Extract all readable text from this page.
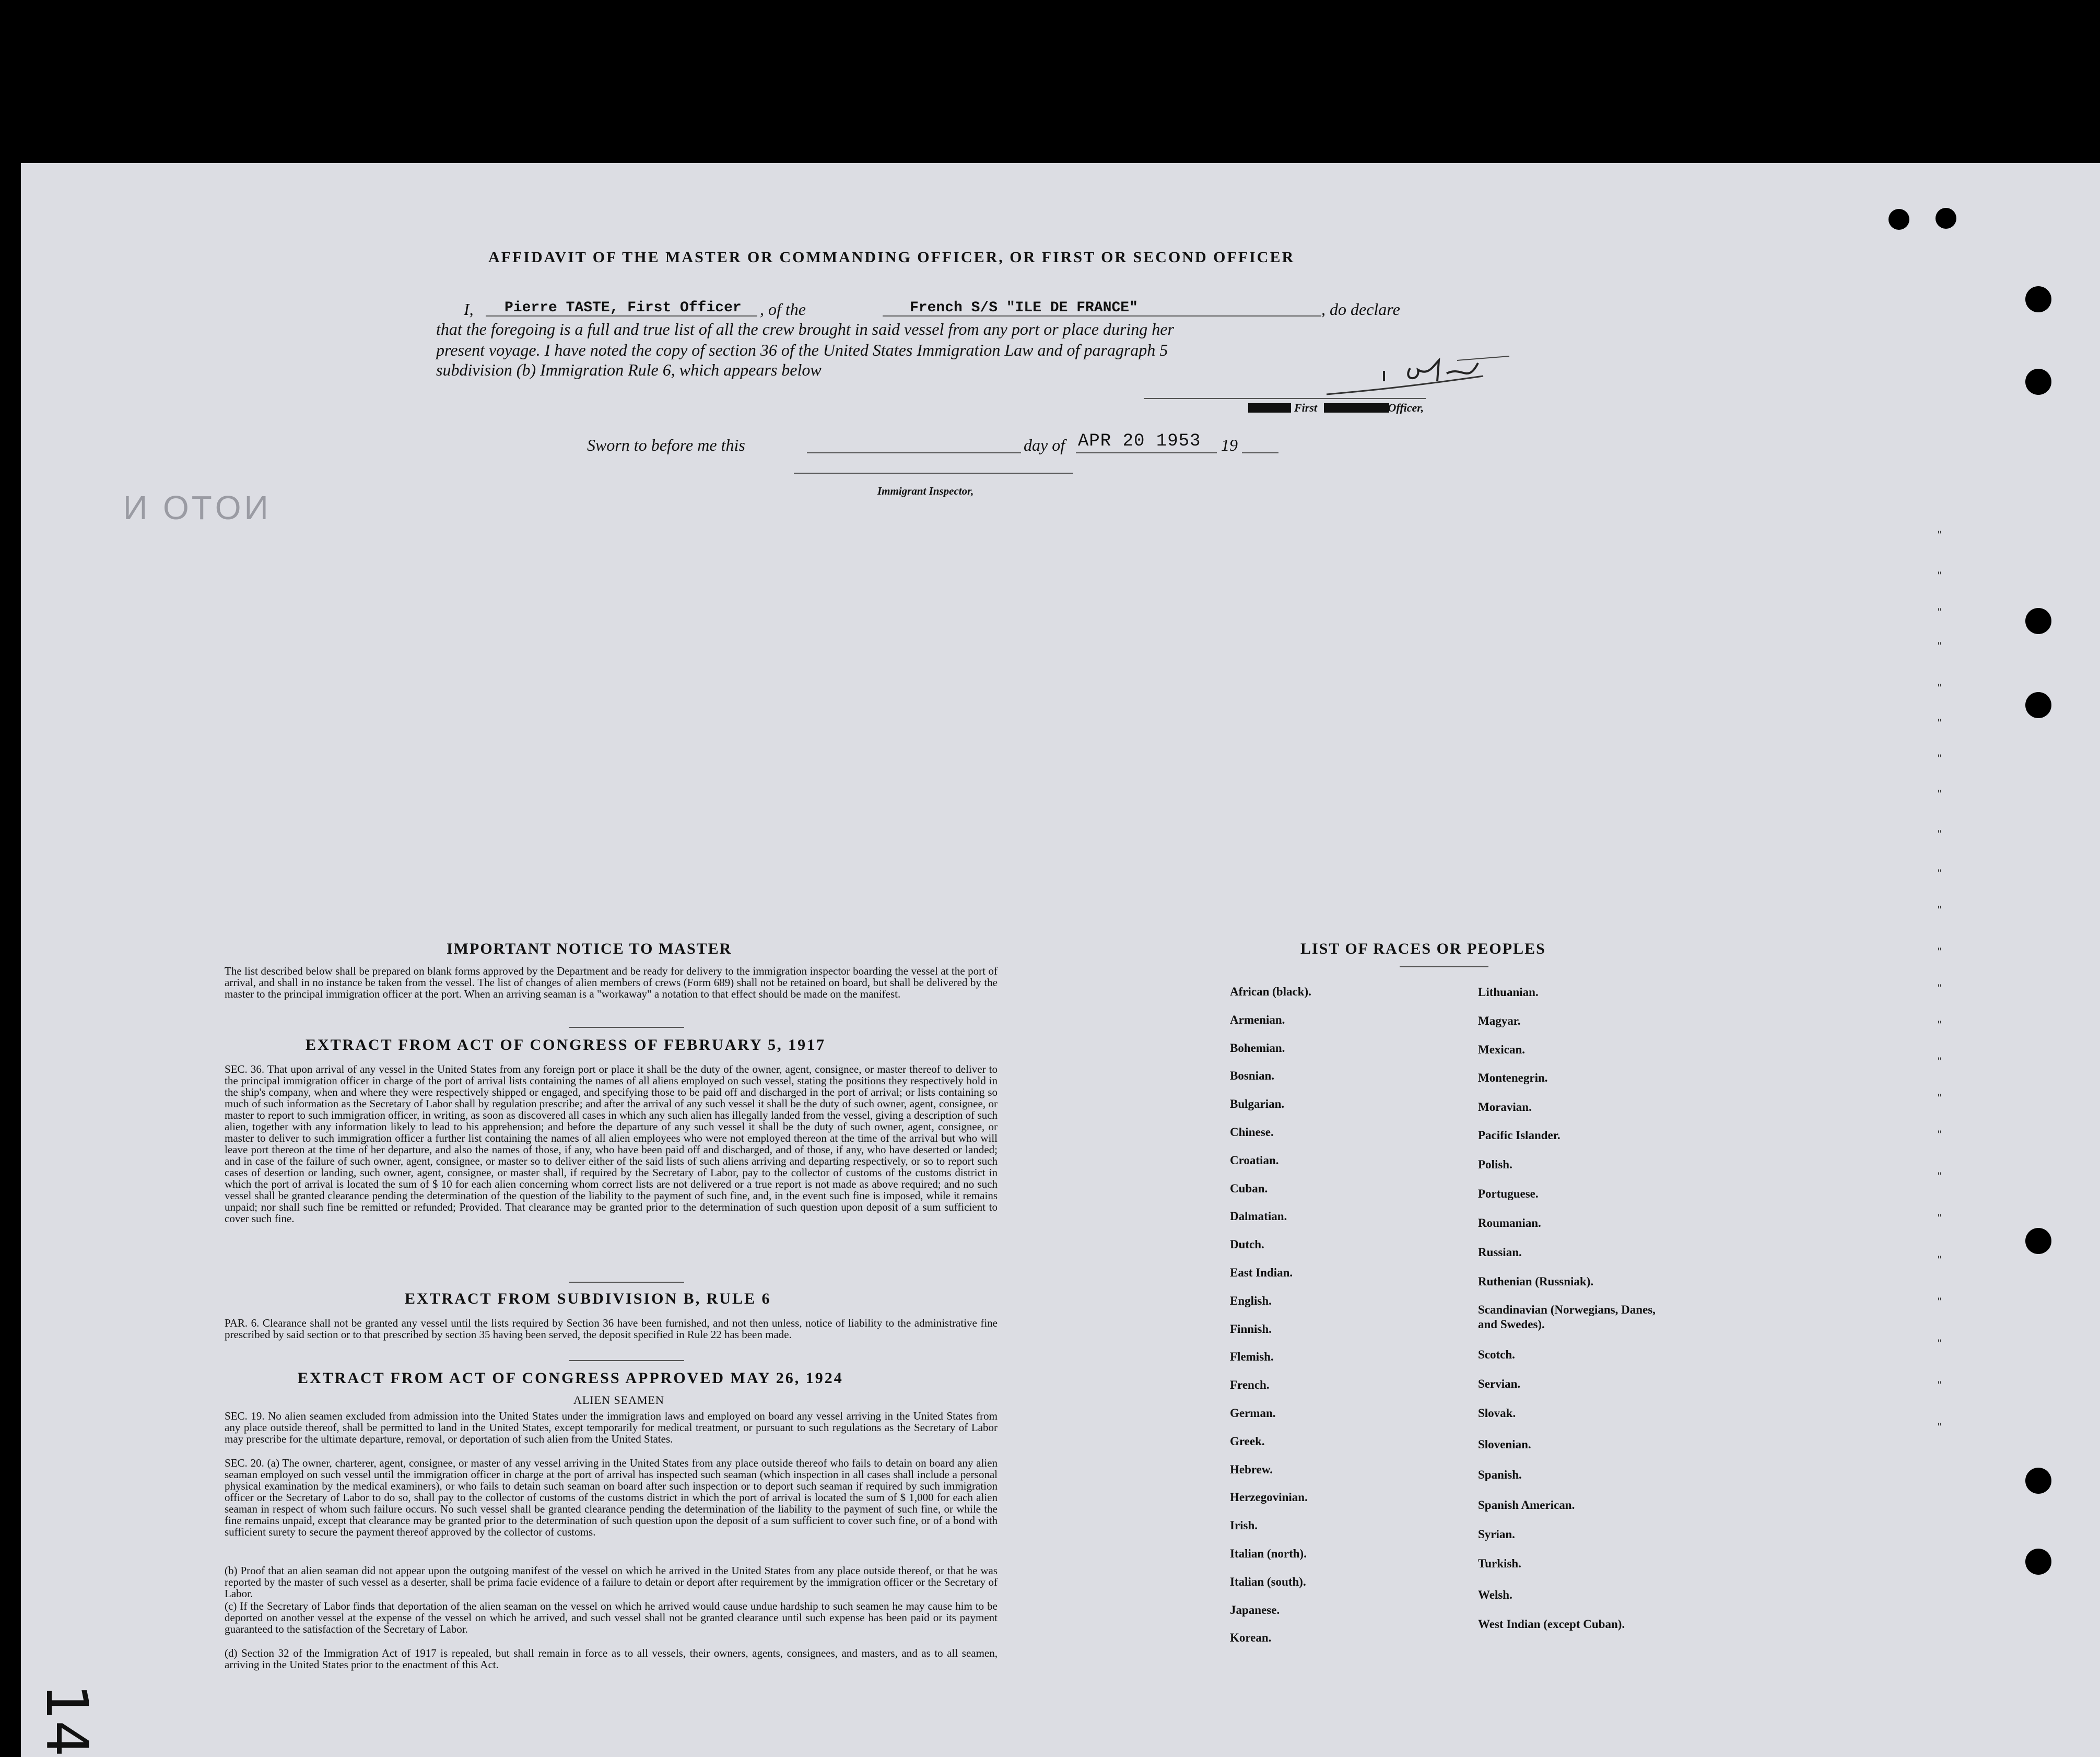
NOTO N
AFFIDAVIT OF THE MASTER OR COMMANDING OFFICER, OR FIRST OR SECOND OFFICER
I, Pierre TASTE, First Officer , of the	French S/S "ILE DE FRANCE"	, do declare
that the foregoing is a full and true list of all the crew brought in said vessel from any port or place during her
present voyage. I have noted the copy of section 36 of the United States Immigration Law and of paragraph 5
subdivision (b) Immigration Rule 6, which appears below
First Officer,
Sworn to before me this	day of APR 20 1953 19
Immigrant Inspector,
"
"
"
"
"
"
"
"
"
"
"
"
"
"
"
"
"
"
"
"
"
"
"
"
IMPORTANT NOTICE TO MASTER
The list described below shall be prepared on blank forms approved by the Department and be ready for delivery to the immigration inspector boarding the vessel at the port of arrival, and shall in no instance be taken from the vessel. The list of changes of alien members of crews (Form 689) shall not be retained on board, but shall be delivered by the master to the principal immigration officer at the port. When an arriving seaman is a "workaway" a notation to that effect should be made on the manifest.
EXTRACT FROM ACT OF CONGRESS OF FEBRUARY 5, 1917
SEC. 36. That upon arrival of any vessel in the United States from any foreign port or place it shall be the duty of the owner, agent, consignee, or master thereof to deliver to the principal immigration officer in charge of the port of arrival lists containing the names of all aliens employed on such vessel, stating the positions they respectively hold in the ship's company, when and where they were respectively shipped or engaged, and specifying those to be paid off and discharged in the port of arrival; or lists containing so much of such information as the Secretary of Labor shall by regulation prescribe; and after the arrival of any such vessel it shall be the duty of such owner, agent, consignee, or master to report to such immigration officer, in writing, as soon as discovered all cases in which any such alien has illegally landed from the vessel, giving a description of such alien, together with any information likely to lead to his apprehension; and before the departure of any such vessel it shall be the duty of such owner, agent, consignee, or master to deliver to such immigration officer a further list containing the names of all alien employees who were not employed thereon at the time of the arrival but who will leave port thereon at the time of her departure, and also the names of those, if any, who have been paid off and discharged, and of those, if any, who have deserted or landed; and in case of the failure of such owner, agent, consignee, or master so to deliver either of the said lists of such aliens arriving and departing respectively, or so to report such cases of desertion or landing, such owner, agent, consignee, or master shall, if required by the Secretary of Labor, pay to the collector of customs of the customs district in which the port of arrival is located the sum of $ 10 for each alien concerning whom correct lists are not delivered or a true report is not made as above required; and no such vessel shall be granted clearance pending the determination of the question of the liability to the payment of such fine, and, in the event such fine is imposed, while it remains unpaid; nor shall such fine be remitted or refunded; Provided. That clearance may be granted prior to the determination of such question upon deposit of a sum sufficient to cover such fine.
EXTRACT FROM SUBDIVISION B, RULE 6
PAR. 6. Clearance shall not be granted any vessel until the lists required by Section 36 have been furnished, and not then unless, notice of liability to the administrative fine prescribed by said section or to that prescribed by section 35 having been served, the deposit specified in Rule 22 has been made.
EXTRACT FROM ACT OF CONGRESS APPROVED MAY 26, 1924
ALIEN SEAMEN
SEC. 19. No alien seamen excluded from admission into the United States under the immigration laws and employed on board any vessel arriving in the United States from any place outside thereof, shall be permitted to land in the United States, except temporarily for medical treatment, or pursuant to such regulations as the Secretary of Labor may prescribe for the ultimate departure, removal, or deportation of such alien from the United States.
SEC. 20. (a) The owner, charterer, agent, consignee, or master of any vessel arriving in the United States from any place outside thereof who fails to detain on board any alien seaman employed on such vessel until the immigration officer in charge at the port of arrival has inspected such seaman (which inspection in all cases shall include a personal physical examination by the medical examiners), or who fails to detain such seaman on board after such inspection or to deport such seaman if required by such immigration officer or the Secretary of Labor to do so, shall pay to the collector of customs of the customs district in which the port of arrival is located the sum of $ 1,000 for each alien seaman in respect of whom such failure occurs. No such vessel shall be granted clearance pending the determination of the liability to the payment of such fine, or while the fine remains unpaid, except that clearance may be granted prior to the determination of such question upon the deposit of a sum sufficient to cover such fine, or of a bond with sufficient surety to secure the payment thereof approved by the collector of customs.
(b) Proof that an alien seaman did not appear upon the outgoing manifest of the vessel on which he arrived in the United States from any place outside thereof, or that he was reported by the master of such vessel as a deserter, shall be prima facie evidence of a failure to detain or deport after requirement by the immigration officer or the Secretary of Labor.
(c) If the Secretary of Labor finds that deportation of the alien seaman on the vessel on which he arrived would cause undue hardship to such seamen he may cause him to be deported on another vessel at the expense of the vessel on which he arrived, and such vessel shall not be granted clearance until such expense has been paid or its payment guaranteed to the satisfaction of the Secretary of Labor.
(d) Section 32 of the Immigration Act of 1917 is repealed, but shall remain in force as to all vessels, their owners, agents, consignees, and masters, and as to all seamen, arriving in the United States prior to the enactment of this Act.
14
LIST OF RACES OR PEOPLES
African (black).
Armenian.
Bohemian.
Bosnian.
Bulgarian.
Chinese.
Croatian.
Cuban.
Dalmatian.
Dutch.
East Indian.
English.
Finnish.
Flemish.
French.
German.
Greek.
Hebrew.
Herzegovinian.
Irish.
Italian (north).
Italian (south).
Japanese.
Korean.
Lithuanian.
Magyar.
Mexican.
Montenegrin.
Moravian.
Pacific Islander.
Polish.
Portuguese.
Roumanian.
Russian.
Ruthenian (Russniak).
Scandinavian (Norwegians, Danes, and Swedes).
Scotch.
Servian.
Slovak.
Slovenian.
Spanish.
Spanish American.
Syrian.
Turkish.
Welsh.
West Indian (except Cuban).
